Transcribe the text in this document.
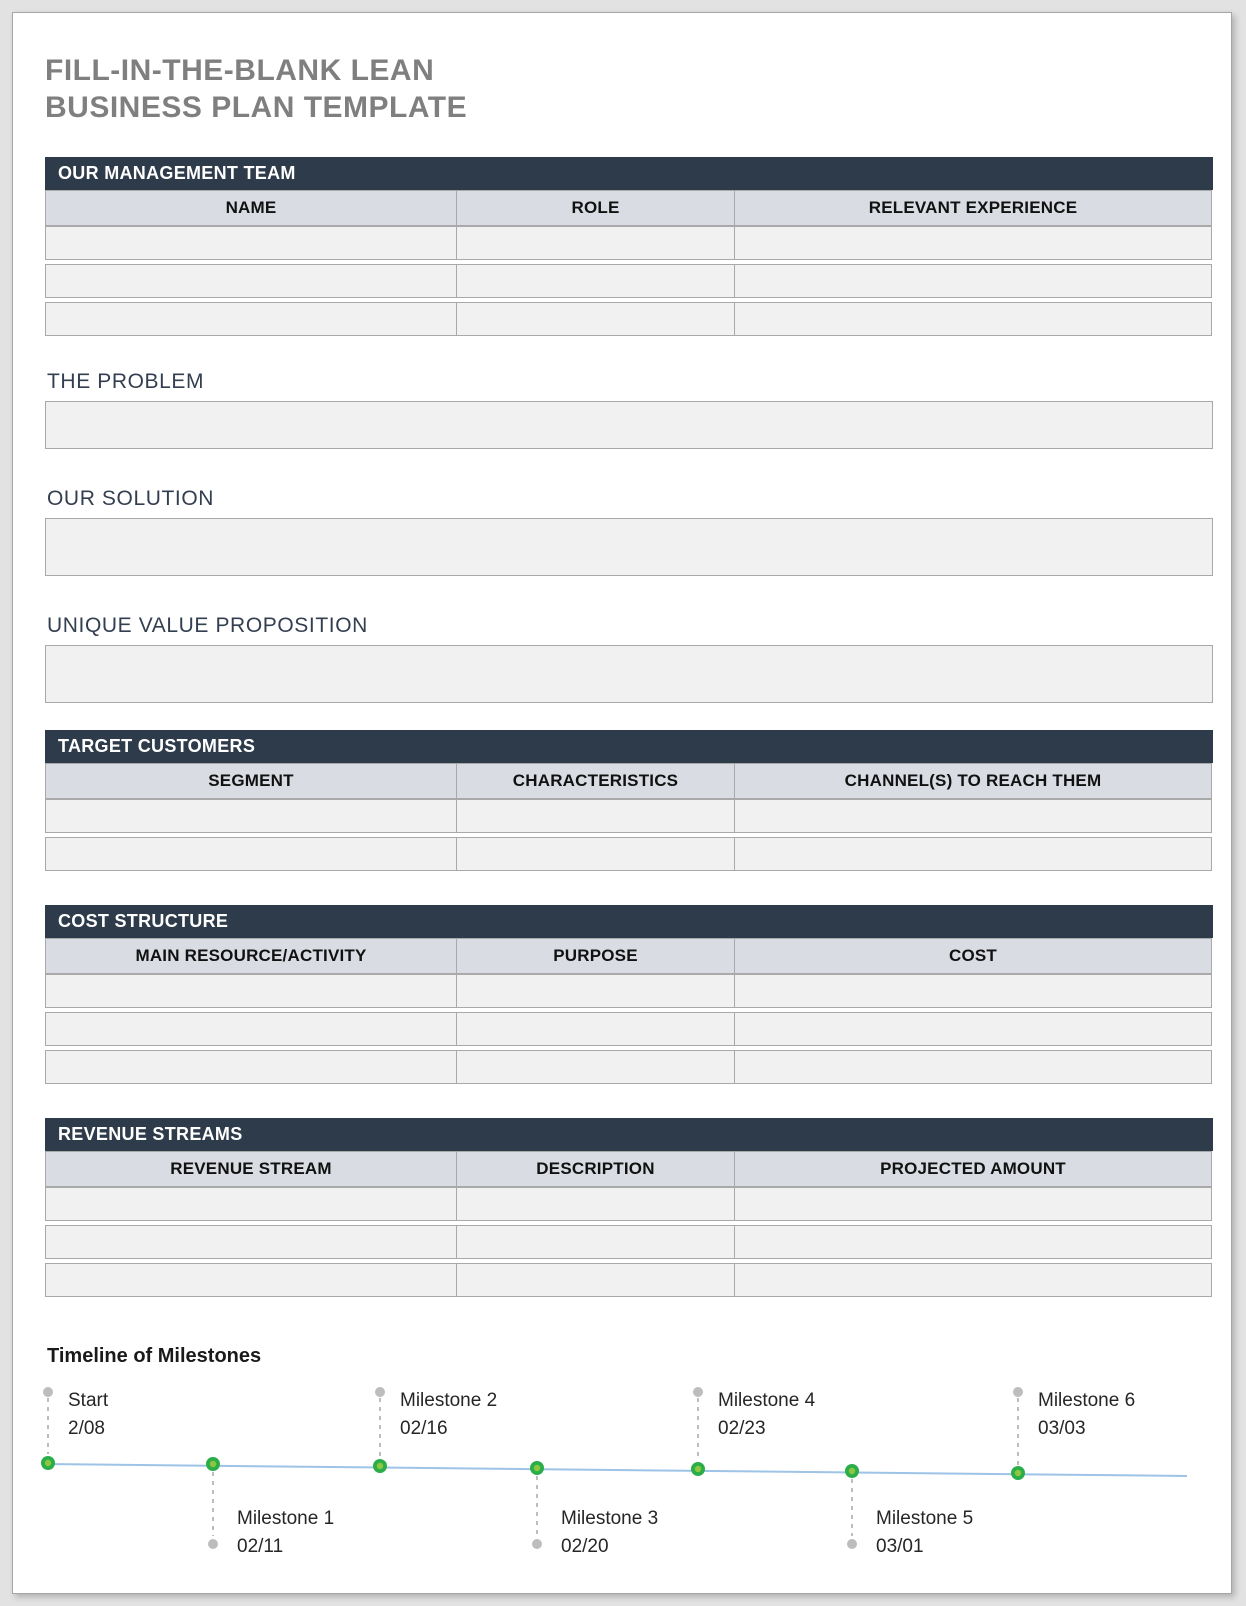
FILL-IN-THE-BLANK LEAN
BUSINESS PLAN TEMPLATE
OUR MANAGEMENT TEAM
NAME	ROLE	RELEVANT EXPERIENCE
THE PROBLEM
OUR SOLUTION
UNIQUE VALUE PROPOSITION
TARGET CUSTOMERS
SEGMENT	CHARACTERISTICS	CHANNEL(S) TO REACH THEM
COST STRUCTURE
MAIN RESOURCE/ACTIVITY	PURPOSE	COST
REVENUE STREAMS
REVENUE STREAM	DESCRIPTION	PROJECTED AMOUNT
Timeline of Milestones
Start
2/08
Milestone 1
02/11
Milestone 2
02/16
Milestone 3
02/20
Milestone 4
02/23
Milestone 5
03/01
Milestone 6
03/03
